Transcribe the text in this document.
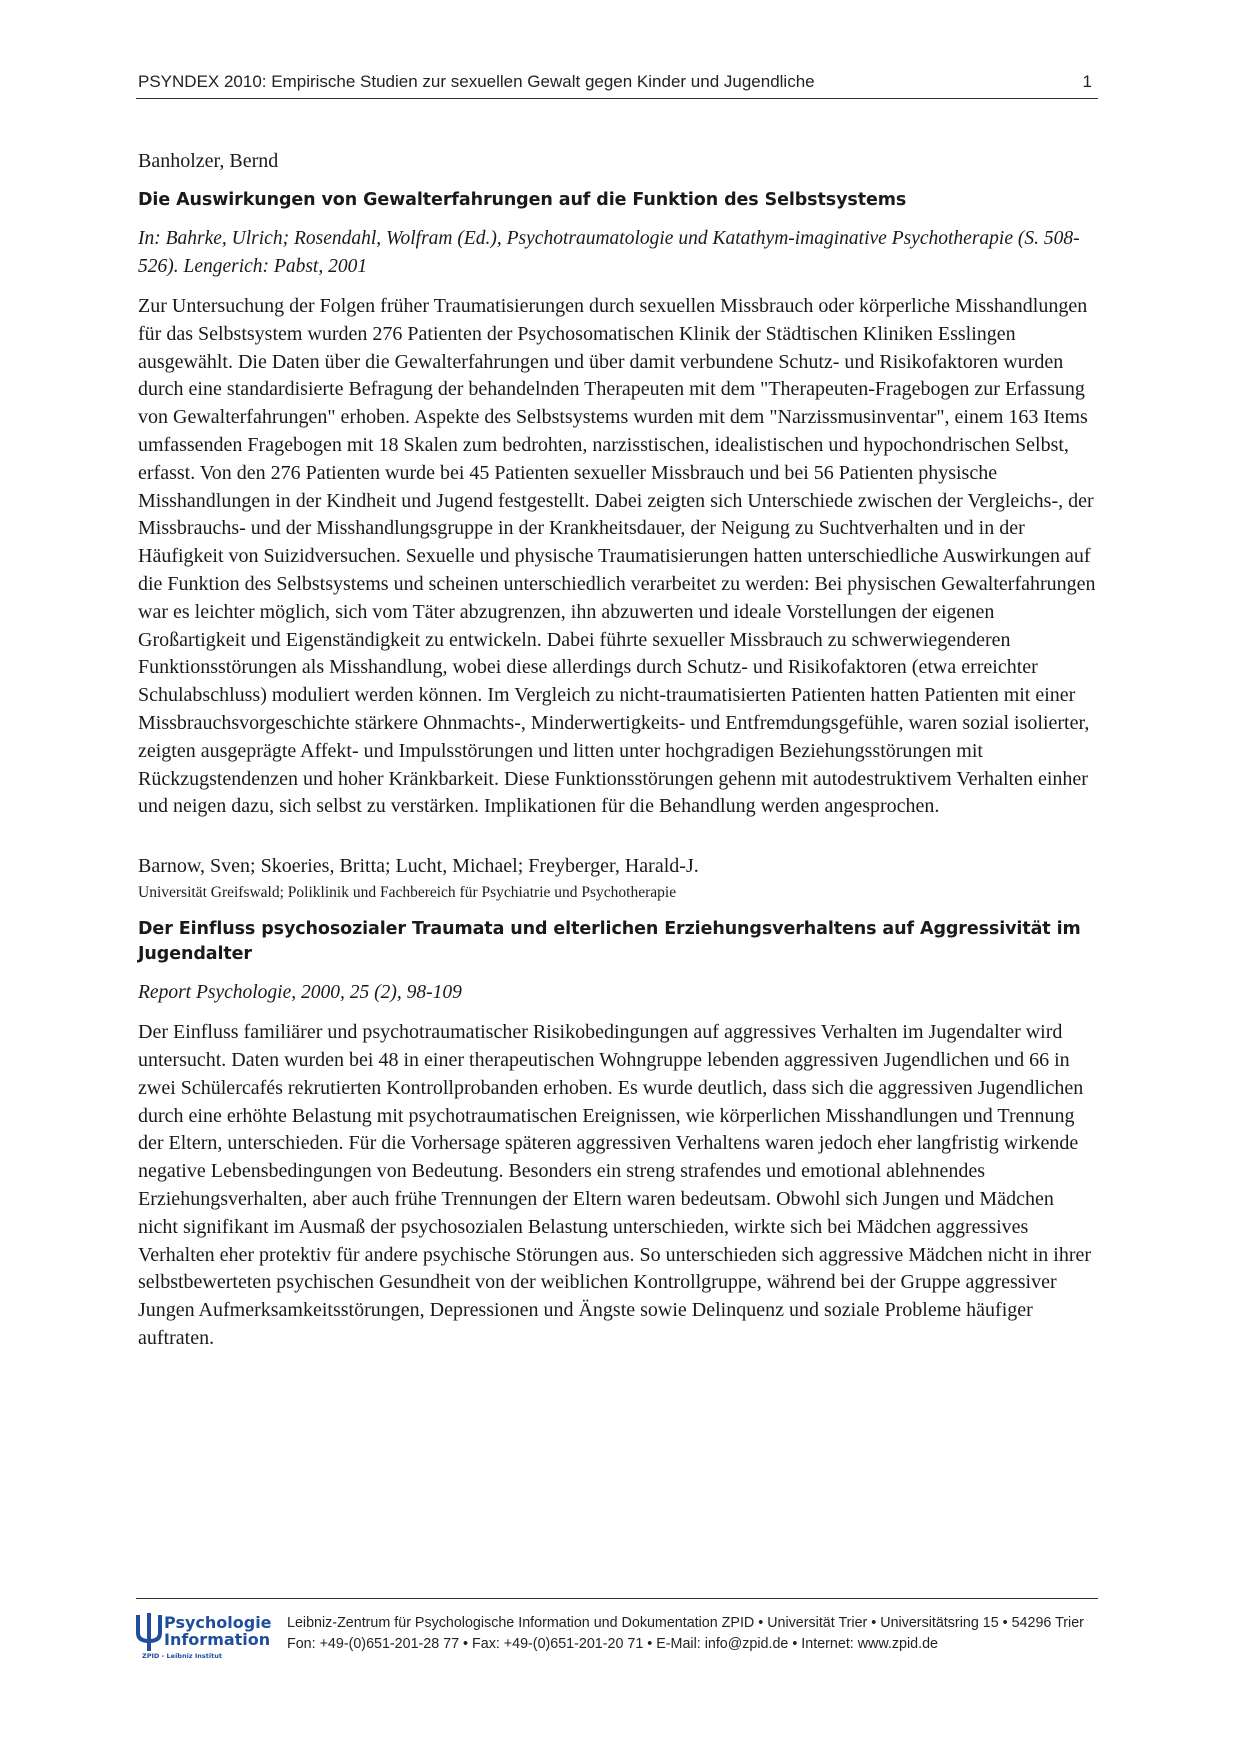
PSYNDEX 2010: Empirische Studien zur sexuellen Gewalt gegen Kinder und Jugendliche	1

Banholzer, Bernd

Die Auswirkungen von Gewalterfahrungen auf die Funktion des Selbstsystems

In: Bahrke, Ulrich; Rosendahl, Wolfram (Ed.), Psychotraumatologie und Katathym-imaginative Psychotherapie (S. 508-526). Lengerich: Pabst, 2001

Zur Untersuchung der Folgen früher Traumatisierungen durch sexuellen Missbrauch oder körperliche Misshandlungen für das Selbstsystem wurden 276 Patienten der Psychosomatischen Klinik der Städtischen Kliniken Esslingen ausgewählt. Die Daten über die Gewalterfahrungen und über damit verbundene Schutz- und Risikofaktoren wurden durch eine standardisierte Befragung der behandelnden Therapeuten mit dem "Therapeuten-Fragebogen zur Erfassung von Gewalterfahrungen" erhoben. Aspekte des Selbstsystems wurden mit dem "Narzissmusinventar", einem 163 Items umfassenden Fragebogen mit 18 Skalen zum bedrohten, narzisstischen, idealistischen und hypochondrischen Selbst, erfasst. Von den 276 Patienten wurde bei 45 Patienten sexueller Missbrauch und bei 56 Patienten physische Misshandlungen in der Kindheit und Jugend festgestellt. Dabei zeigten sich Unterschiede zwischen der Vergleichs-, der Missbrauchs- und der Misshandlungsgruppe in der Krankheitsdauer, der Neigung zu Suchtverhalten und in der Häufigkeit von Suizidversuchen. Sexuelle und physische Traumatisierungen hatten unterschiedliche Auswirkungen auf die Funktion des Selbstsystems und scheinen unterschiedlich verarbeitet zu werden: Bei physischen Gewalterfahrungen war es leichter möglich, sich vom Täter abzugrenzen, ihn abzuwerten und ideale Vorstellungen der eigenen Großartigkeit und Eigenständigkeit zu entwickeln. Dabei führte sexueller Missbrauch zu schwerwiegenderen Funktionsstörungen als Misshandlung, wobei diese allerdings durch Schutz- und Risikofaktoren (etwa erreichter Schulabschluss) moduliert werden können. Im Vergleich zu nicht-traumatisierten Patienten hatten Patienten mit einer Missbrauchsvorgeschichte stärkere Ohnmachts-, Minderwertigkeits- und Entfremdungsgefühle, waren sozial isolierter, zeigten ausgeprägte Affekt- und Impulsstörungen und litten unter hochgradigen Beziehungsstörungen mit Rückzugstendenzen und hoher Kränkbarkeit. Diese Funktionsstörungen gehenn mit autodestruktivem Verhalten einher und neigen dazu, sich selbst zu verstärken. Implikationen für die Behandlung werden angesprochen.

Barnow, Sven; Skoeries, Britta; Lucht, Michael; Freyberger, Harald-J.

Universität Greifswald; Poliklinik und Fachbereich für Psychiatrie und Psychotherapie

Der Einfluss psychosozialer Traumata und elterlichen Erziehungsverhaltens auf Aggressivität im Jugendalter

Report Psychologie, 2000, 25 (2), 98-109

Der Einfluss familiärer und psychotraumatischer Risikobedingungen auf aggressives Verhalten im Jugendalter wird untersucht. Daten wurden bei 48 in einer therapeutischen Wohngruppe lebenden aggressiven Jugendlichen und 66 in zwei Schülercafés rekrutierten Kontrollprobanden erhoben. Es wurde deutlich, dass sich die aggressiven Jugendlichen durch eine erhöhte Belastung mit psychotraumatischen Ereignissen, wie körperlichen Misshandlungen und Trennung der Eltern, unterschieden. Für die Vorhersage späteren aggressiven Verhaltens waren jedoch eher langfristig wirkende negative Lebensbedingungen von Bedeutung. Besonders ein streng strafendes und emotional ablehnendes Erziehungsverhalten, aber auch frühe Trennungen der Eltern waren bedeutsam. Obwohl sich Jungen und Mädchen nicht signifikant im Ausmaß der psychosozialen Belastung unterschieden, wirkte sich bei Mädchen aggressives Verhalten eher protektiv für andere psychische Störungen aus. So unterschieden sich aggressive Mädchen nicht in ihrer selbstbewerteten psychischen Gesundheit von der weiblichen Kontrollgruppe, während bei der Gruppe aggressiver Jungen Aufmerksamkeitsstörungen, Depressionen und Ängste sowie Delinquenz und soziale Probleme häufiger auftraten.

Psychologie
Information
ZPID - Leibniz Institut
Leibniz-Zentrum für Psychologische Information und Dokumentation ZPID • Universität Trier • Universitätsring 15 • 54296 Trier
Fon: +49-(0)651-201-28 77 • Fax: +49-(0)651-201-20 71 • E-Mail: info@zpid.de • Internet: www.zpid.de
